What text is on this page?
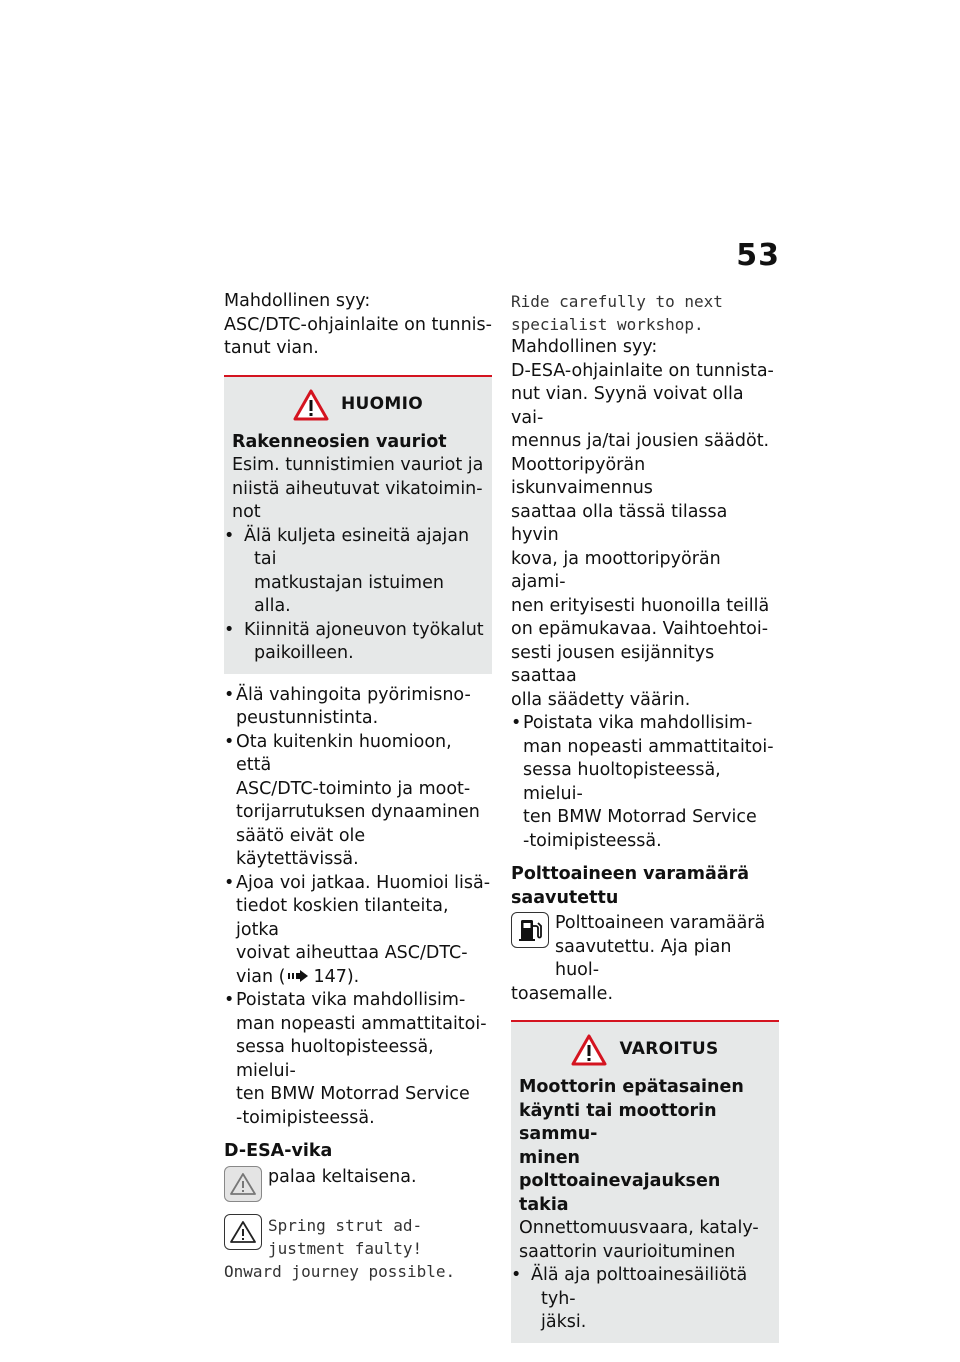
53

Mahdollinen syy:
ASC/DTC-ohjainlaite on tunnis-
tanut vian.

HUOMIO

Rakenneosien vauriot

Esim. tunnistimien vauriot ja
niistä aiheutuvat vikatoimin-
not

• Älä kuljeta esineitä ajajan tai
matkustajan istuimen alla.
• Kiinnitä ajoneuvon työkalut
paikoilleen.
• Älä vahingoita pyörimisno-
peustunnistinta.
• Ota kuitenkin huomioon, että
ASC/DTC-toiminto ja moot-
torijarrutuksen dynaaminen
säätö eivät ole käytettävissä.
• Ajoa voi jatkaa. Huomioi lisä-
tiedot koskien tilanteita, jotka
voivat aiheuttaa ASC/DTC-
vian ( 147).
• Poistata vika mahdollisim-
man nopeasti ammattitaitoi-
sessa huoltopisteessä, mielui-
ten BMW Motorrad Service
-toimipisteessä.

D-ESA-vika

palaa keltaisena.

Spring strut ad-
justment faulty!

Onward journey possible.

Ride carefully to next
specialist workshop.

Mahdollinen syy:
D-ESA-ohjainlaite on tunnista-
nut vian. Syynä voivat olla vai-
mennus ja/tai jousien säädöt.
Moottoripyörän iskunvaimennus
saattaa olla tässä tilassa hyvin
kova, ja moottoripyörän ajami-
nen erityisesti huonoilla teillä
on epämukavaa. Vaihtoehtoi-
sesti jousen esijännitys saattaa
olla säädetty väärin.

• Poistata vika mahdollisim-
man nopeasti ammattitaitoi-
sessa huoltopisteessä, mielui-
ten BMW Motorrad Service
-toimipisteessä.

Polttoaineen varamäärä
saavutettu

Polttoaineen varamäärä
saavutettu. Aja pian huol-

toasemalle.

VAROITUS

Moottorin epätasainen
käynti tai moottorin sammu-
minen polttoainevajauksen
takia

Onnettomuusvaara, kataly-
saattorin vaurioituminen

• Älä aja polttoainesäiliötä tyh-
jäksi.
